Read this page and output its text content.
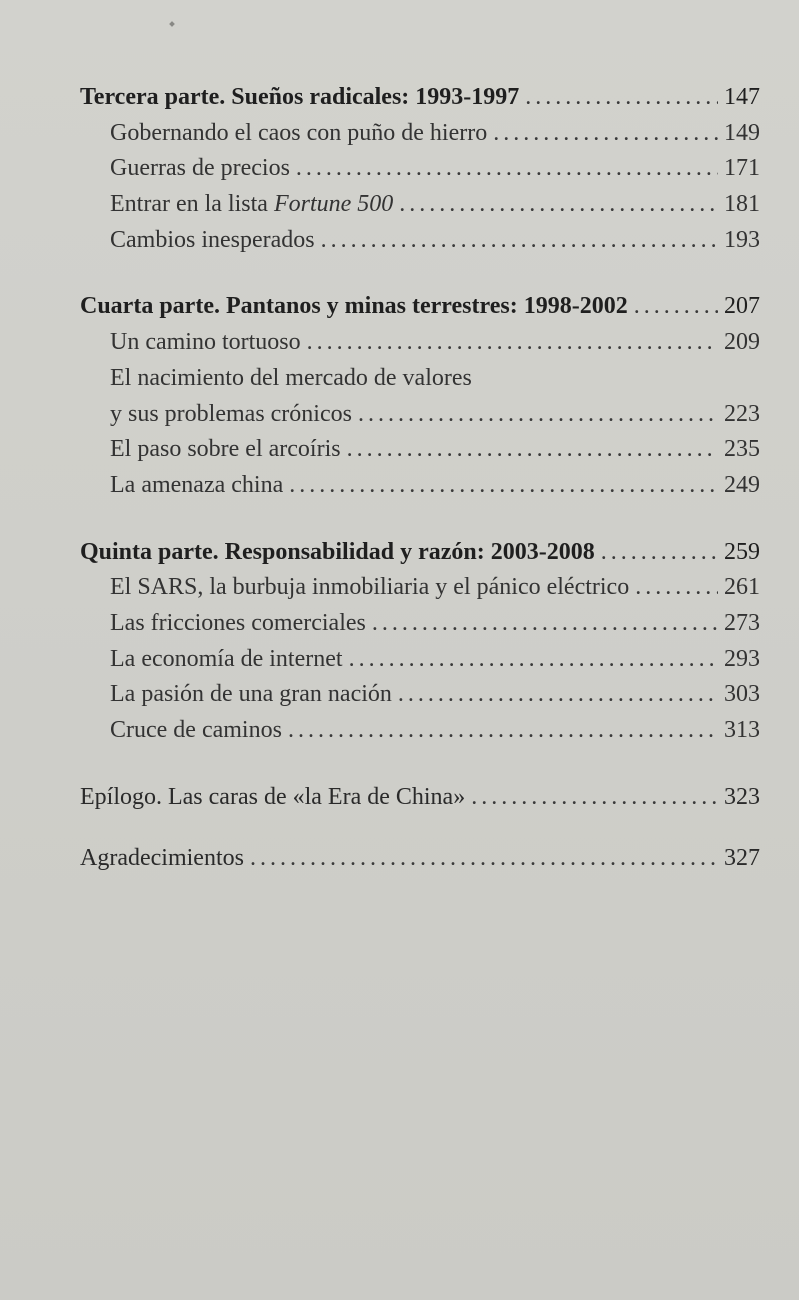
Tercera parte. Sueños radicales: 1993-1997 . . .	147
Gobernando el caos con puño de hierro . . .	149
Guerras de precios . . .	171
Entrar en la lista Fortune 500 . . .	181
Cambios inesperados . . .	193
Cuarta parte. Pantanos y minas terrestres: 1998-2002 . . .	207
Un camino tortuoso . . .	209
El nacimiento del mercado de valores
y sus problemas crónicos . . .	223
El paso sobre el arcoíris . . .	235
La amenaza china . . .	249
Quinta parte. Responsabilidad y razón: 2003-2008 . . .	259
El SARS, la burbuja inmobiliaria y el pánico eléctrico . . .	261
Las fricciones comerciales . . .	273
La economía de internet . . .	293
La pasión de una gran nación . . .	303
Cruce de caminos . . .	313
Epílogo. Las caras de «la Era de China» . . .	323
Agradecimientos . . .	327
